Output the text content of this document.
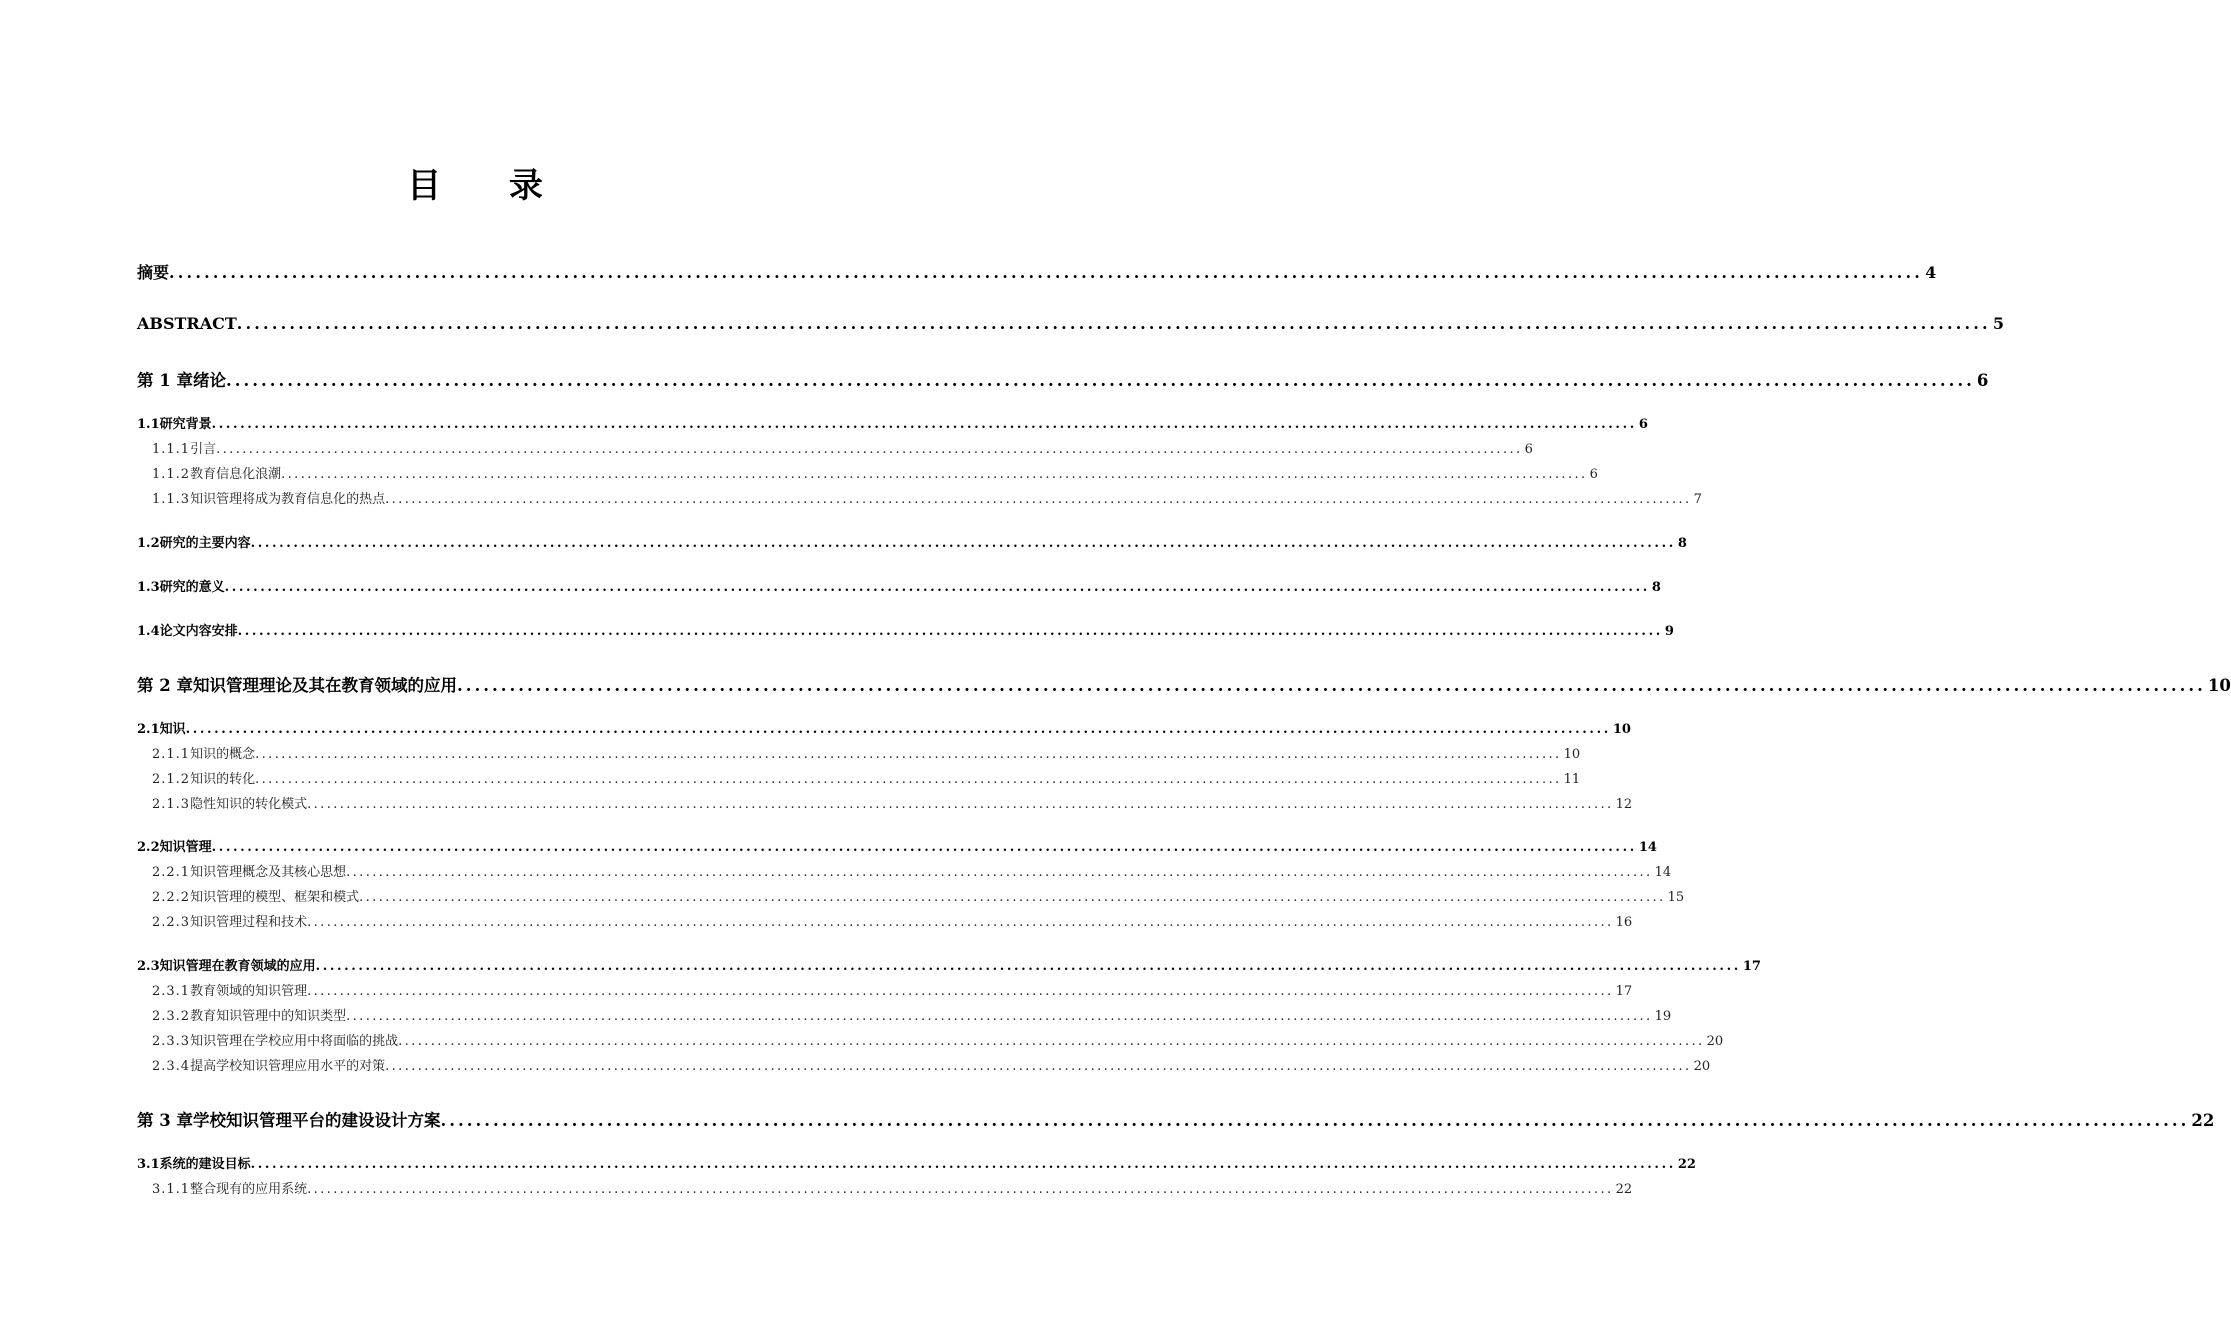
目 录
摘要 ........................................................................................................................................................................................................ 4
ABSTRACT ........................................................................................................................................................................................................ 5
第 1 章 绪论 ........................................................................................................................................................................................................ 6
1.1 研究背景 ........................................................................................................................................................................................................ 6
1.1.1 引言 ........................................................................................................................................................................................................ 6
1.1.2 教育信息化浪潮 ........................................................................................................................................................................................................ 6
1.1.3 知识管理将成为教育信息化的热点 ........................................................................................................................................................................................................ 7
1.2 研究的主要内容 ........................................................................................................................................................................................................ 8
1.3 研究的意义 ........................................................................................................................................................................................................ 8
1.4 论文内容安排 ........................................................................................................................................................................................................ 9
第 2 章 知识管理理论及其在教育领域的应用 ........................................................................................................................................................................................................ 10
2.1 知识 ........................................................................................................................................................................................................ 10
2.1.1 知识的概念 ........................................................................................................................................................................................................ 10
2.1.2 知识的转化 ........................................................................................................................................................................................................ 11
2.1.3 隐性知识的转化模式 ........................................................................................................................................................................................................ 12
2.2 知识管理 ........................................................................................................................................................................................................ 14
2.2.1 知识管理概念及其核心思想 ........................................................................................................................................................................................................ 14
2.2.2 知识管理的模型、框架和模式 ........................................................................................................................................................................................................ 15
2.2.3 知识管理过程和技术 ........................................................................................................................................................................................................ 16
2.3 知识管理在教育领域的应用 ........................................................................................................................................................................................................ 17
2.3.1 教育领域的知识管理 ........................................................................................................................................................................................................ 17
2.3.2 教育知识管理中的知识类型 ........................................................................................................................................................................................................ 19
2.3.3 知识管理在学校应用中将面临的挑战 ........................................................................................................................................................................................................ 20
2.3.4 提高学校知识管理应用水平的对策 ........................................................................................................................................................................................................ 20
第 3 章 学校知识管理平台的建设设计方案 ........................................................................................................................................................................................................ 22
3.1 系统的建设目标 ........................................................................................................................................................................................................ 22
3.1.1 整合现有的应用系统 ........................................................................................................................................................................................................ 22
